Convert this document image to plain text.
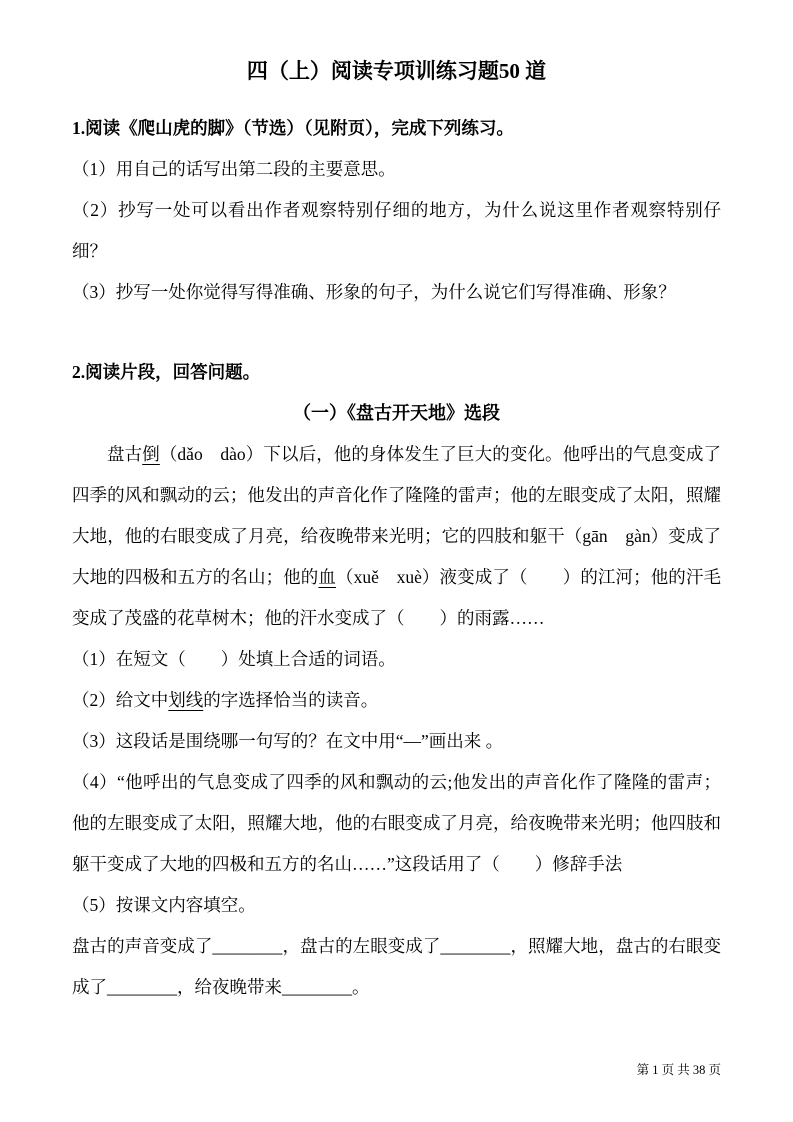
四（上）阅读专项训练习题50 道

1.阅读《爬山虎的脚》（节选）（见附页），完成下列练习。

（1）用自己的话写出第二段的主要意思。

（2）抄写一处可以看出作者观察特别仔细的地方，为什么说这里作者观察特别仔细？

（3）抄写一处你觉得写得准确、形象的句子，为什么说它们写得准确、形象？

2.阅读片段，回答问题。

（一）《盘古开天地》选段

盘古倒（dǎo　dào）下以后，他的身体发生了巨大的变化。他呼出的气息变成了四季的风和飘动的云；他发出的声音化作了隆隆的雷声；他的左眼变成了太阳，照耀大地，他的右眼变成了月亮，给夜晚带来光明；它的四肢和躯干（gān　gàn）变成了大地的四极和五方的名山；他的血（xuě　xuè）液变成了（　　）的江河；他的汗毛变成了茂盛的花草树木；他的汗水变成了（　　）的雨露……

（1）在短文（　　）处填上合适的词语。

（2）给文中划线的字选择恰当的读音。

（3）这段话是围绕哪一句写的？在文中用“—”画出来 。

（4）“他呼出的气息变成了四季的风和飘动的云;他发出的声音化作了隆隆的雷声；他的左眼变成了太阳，照耀大地，他的右眼变成了月亮，给夜晚带来光明；他四肢和躯干变成了大地的四极和五方的名山……”这段话用了（　　）修辞手法

（5）按课文内容填空。

盘古的声音变成了________，盘古的左眼变成了________，照耀大地，盘古的右眼变成了________，给夜晚带来________。

第 1 页 共 38 页
